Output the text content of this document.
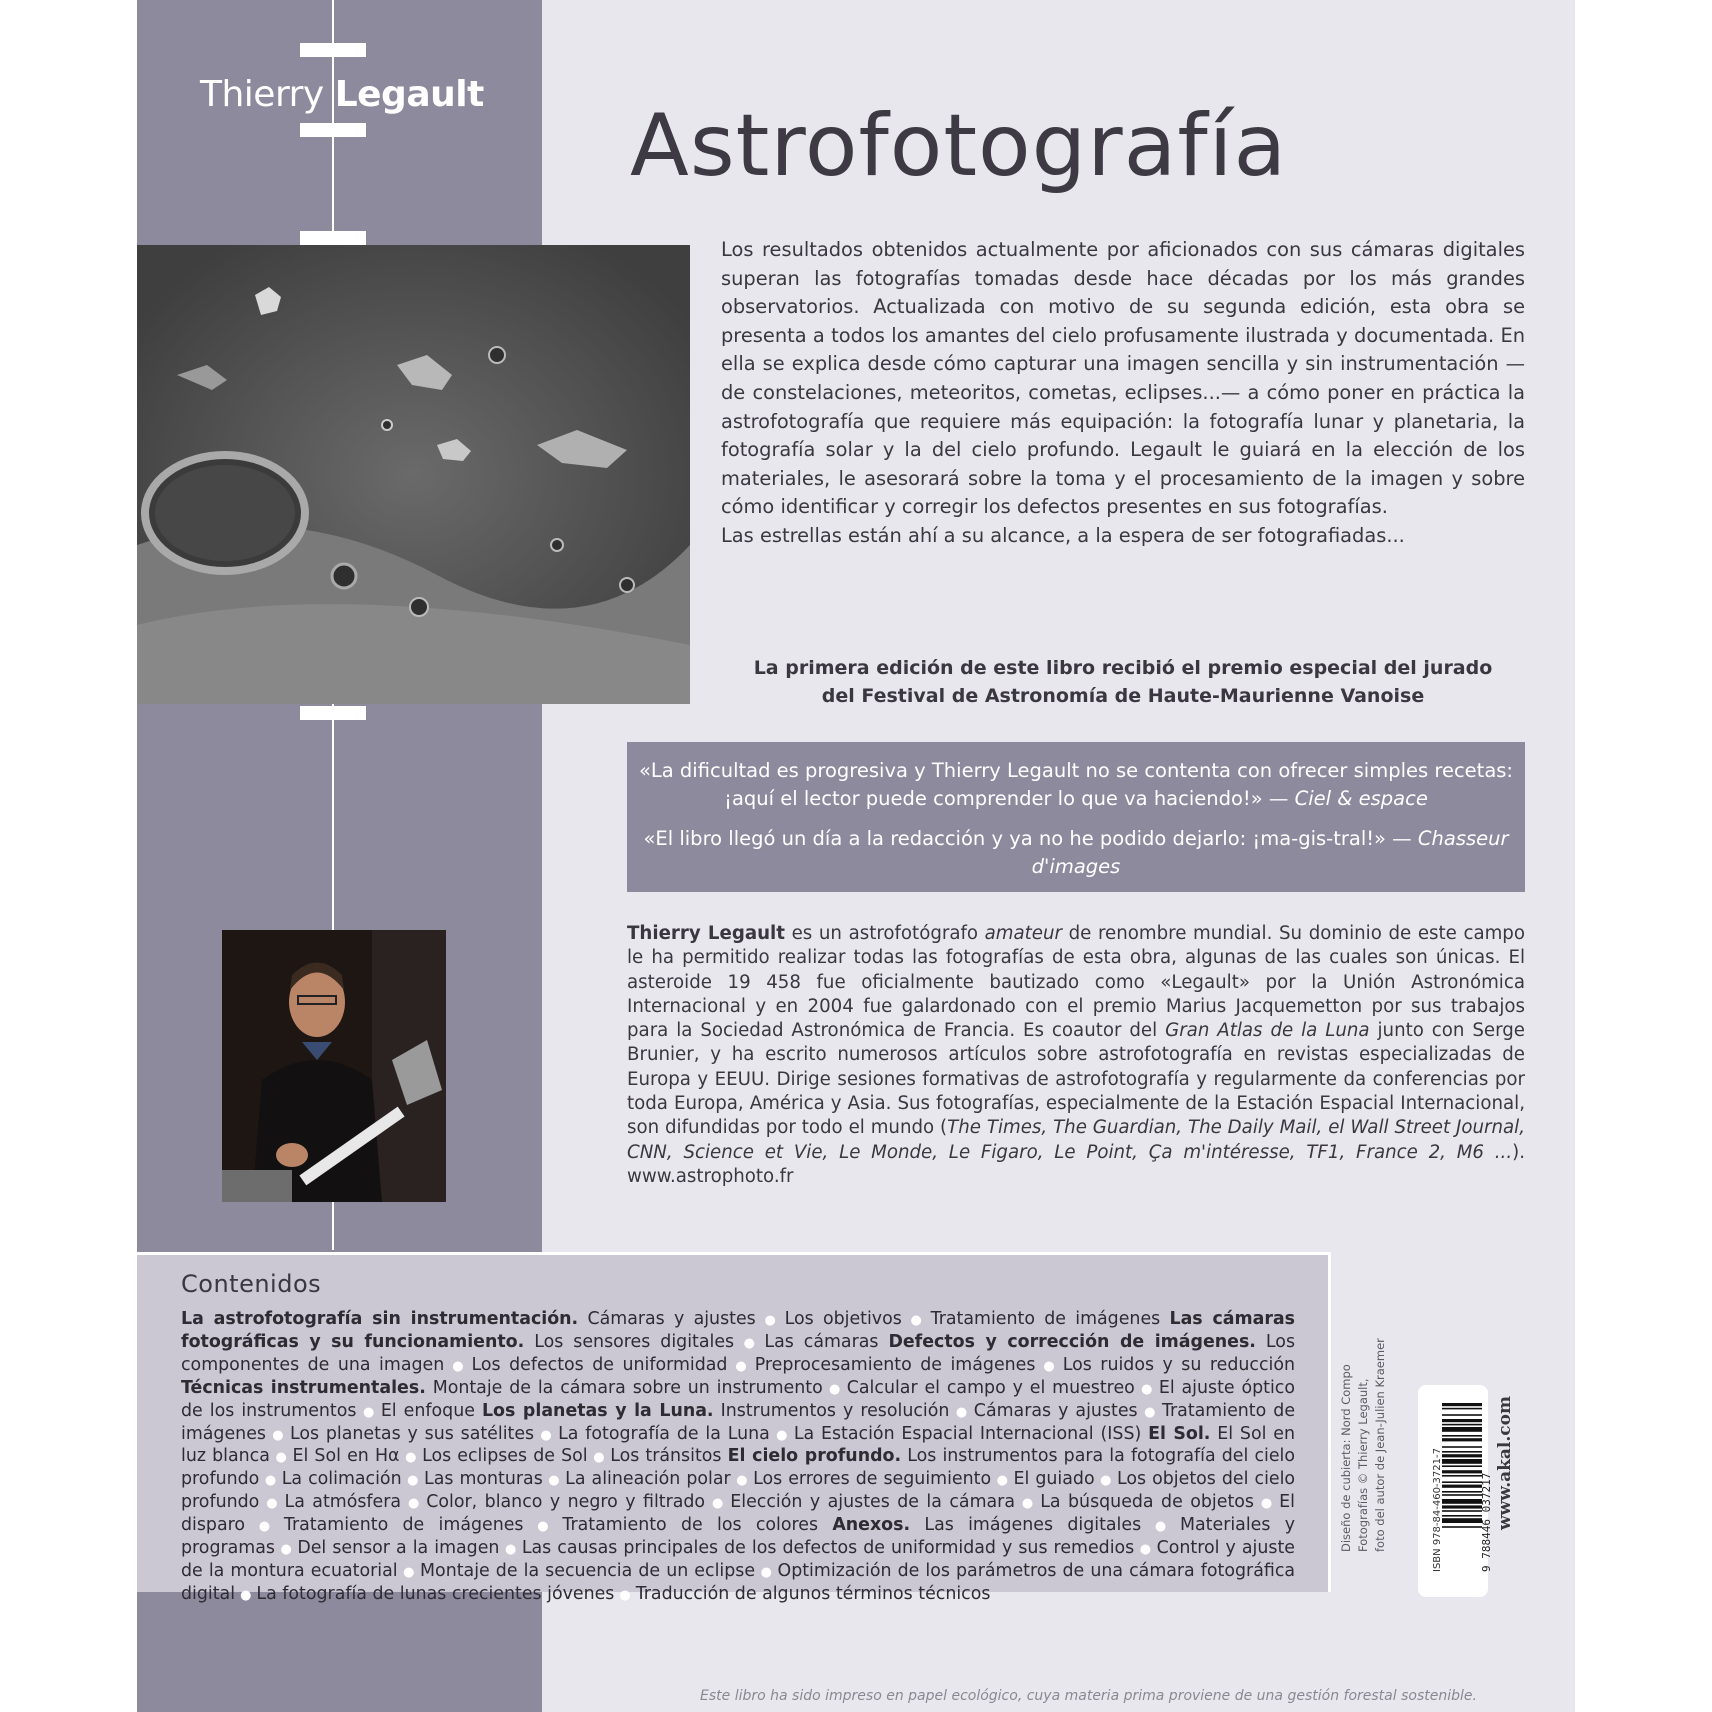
Thierry Legault
Astrofotografía

Los resultados obtenidos actualmente por aficionados con sus cámaras digitales superan las fotografías tomadas desde hace décadas por los más grandes observatorios. Actualizada con motivo de su segunda edición, esta obra se presenta a todos los amantes del cielo profusamente ilustrada y documentada. En ella se explica desde cómo capturar una imagen sencilla y sin instrumentación —de constelaciones, meteoritos, cometas, eclipses...— a cómo poner en práctica la astrofotografía que requiere más equipación: la fotografía lunar y planetaria, la fotografía solar y la del cielo profundo. Legault le guiará en la elección de los materiales, le asesorará sobre la toma y el procesamiento de la imagen y sobre cómo identificar y corregir los defectos presentes en sus fotografías.

Las estrellas están ahí a su alcance, a la espera de ser fotografiadas...

La primera edición de este libro recibió el premio especial del jurado
del Festival de Astronomía de Haute-Maurienne Vanoise

«La dificultad es progresiva y Thierry Legault no se contenta con ofrecer simples recetas: ¡aquí el lector puede comprender lo que va haciendo!» — Ciel & espace

«El libro llegó un día a la redacción y ya no he podido dejarlo: ¡ma-gis-tral!» — Chasseur d'images

Thierry Legault es un astrofotógrafo amateur de renombre mundial. Su dominio de este campo le ha permitido realizar todas las fotografías de esta obra, algunas de las cuales son únicas. El asteroide 19 458 fue oficialmente bautizado como «Legault» por la Unión Astronómica Internacional y en 2004 fue galardonado con el premio Marius Jacquemetton por sus trabajos para la Sociedad Astronómica de Francia. Es coautor del Gran Atlas de la Luna junto con Serge Brunier, y ha escrito numerosos artículos sobre astrofotografía en revistas especializadas de Europa y EEUU. Dirige sesiones formativas de astrofotografía y regularmente da conferencias por toda Europa, América y Asia. Sus fotografías, especialmente de la Estación Espacial Internacional, son difundidas por todo el mundo (The Times, The Guardian, The Daily Mail, el Wall Street Journal, CNN, Science et Vie, Le Monde, Le Figaro, Le Point, Ça m'intéresse, TF1, France 2, M6 ...). www.astrophoto.fr
Contenidos
La astrofotografía sin instrumentación. Cámaras y ajustes ● Los objetivos ● Tratamiento de imágenes Las cámaras fotográficas y su funcionamiento. Los sensores digitales ● Las cámaras Defectos y corrección de imágenes. Los componentes de una imagen ● Los defectos de uniformidad ● Preprocesamiento de imágenes ● Los ruidos y su reducción Técnicas instrumentales. Montaje de la cámara sobre un instrumento ● Calcular el campo y el muestreo ● El ajuste óptico de los instrumentos ● El enfoque Los planetas y la Luna. Instrumentos y resolución ● Cámaras y ajustes ● Tratamiento de imágenes ● Los planetas y sus satélites ● La fotografía de la Luna ● La Estación Espacial Internacional (ISS) El Sol. El Sol en luz blanca ● El Sol en Hα ● Los eclipses de Sol ● Los tránsitos El cielo profundo. Los instrumentos para la fotografía del cielo profundo ● La colimación ● Las monturas ● La alineación polar ● Los errores de seguimiento ● El guiado ● Los objetos del cielo profundo ● La atmósfera ● Color, blanco y negro y filtrado ● Elección y ajustes de la cámara ● La búsqueda de objetos ● El disparo ● Tratamiento de imágenes ● Tratamiento de los colores Anexos. Las imágenes digitales ● Materiales y programas ● Del sensor a la imagen ● Las causas principales de los defectos de uniformidad y sus remedios ● Control y ajuste de la montura ecuatorial ● Montaje de la secuencia de un eclipse ● Optimización de los parámetros de una cámara fotográfica digital ● La fotografía de lunas crecientes jóvenes ● Traducción de algunos términos técnicos
Diseño de cubierta: Nord Compo Fotografías © Thierry Legault, foto del autor de Jean-Julien Kraemer	ISBN 978-84-460-3721-7	9 788446 037217 www.akal.com
Este libro ha sido impreso en papel ecológico, cuya materia prima proviene de una gestión forestal sostenible.
